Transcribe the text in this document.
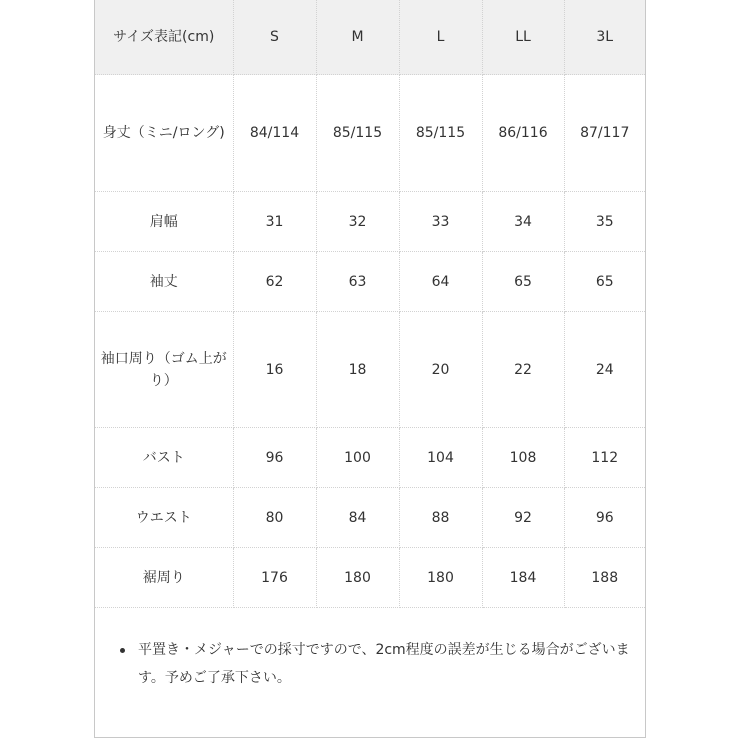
サイズ表記(cm)	S	M	L	LL	3L
身丈（ミニ/ロング)	84/114	85/115	85/115	86/116	87/117
肩幅	31	32	33	34	35
袖丈	62	63	64	65	65
袖口周り（ゴム上がり）	16	18	20	22	24
バスト	96	100	104	108	112
ウエスト	80	84	88	92	96
裾周り	176	180	180	184	188
平置き・メジャーでの採寸ですので、2cm程度の誤差が生じる場合がございます。予めご了承下さい。
